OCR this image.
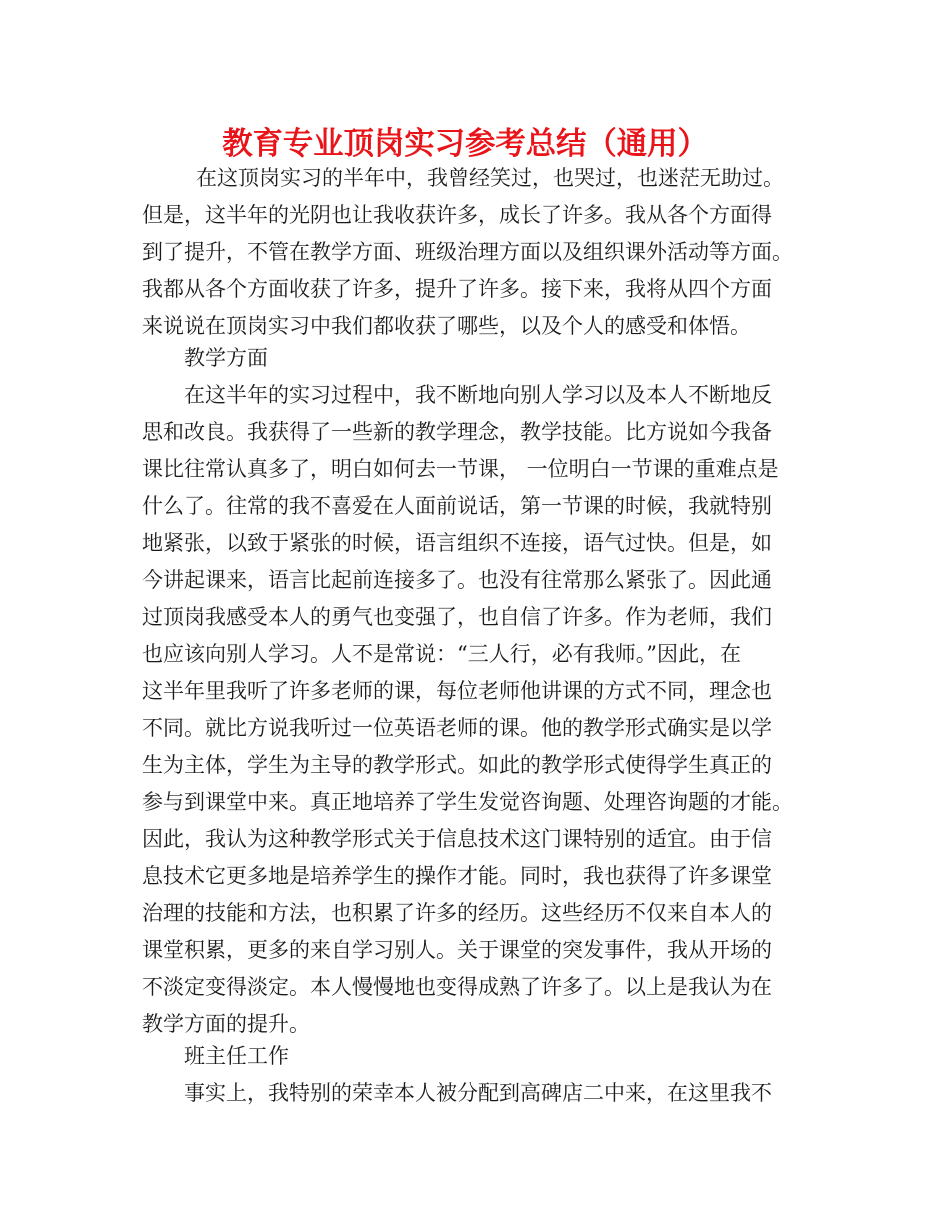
教育专业顶岗实习参考总结（通用）
在这顶岗实习的半年中，我曾经笑过，也哭过，也迷茫无助过。
但是，这半年的光阴也让我收获许多，成长了许多。我从各个方面得
到了提升，不管在教学方面、班级治理方面以及组织课外活动等方面。
我都从各个方面收获了许多，提升了许多。接下来，我将从四个方面
来说说在顶岗实习中我们都收获了哪些，以及个人的感受和体悟。
教学方面
在这半年的实习过程中，我不断地向别人学习以及本人不断地反
思和改良。我获得了一些新的教学理念，教学技能。比方说如今我备
课比往常认真多了，明白如何去一节课， 一位明白一节课的重难点是
什么了。往常的我不喜爱在人面前说话，第一节课的时候，我就特别
地紧张，以致于紧张的时候，语言组织不连接，语气过快。但是，如
今讲起课来，语言比起前连接多了。也没有往常那么紧张了。因此通
过顶岗我感受本人的勇气也变强了，也自信了许多。作为老师，我们
也应该向别人学习。人不是常说：“三人行，必有我师。”因此，在
这半年里我听了许多老师的课，每位老师他讲课的方式不同，理念也
不同。就比方说我听过一位英语老师的课。他的教学形式确实是以学
生为主体，学生为主导的教学形式。如此的教学形式使得学生真正的
参与到课堂中来。真正地培养了学生发觉咨询题、处理咨询题的才能。
因此，我认为这种教学形式关于信息技术这门课特别的适宜。由于信
息技术它更多地是培养学生的操作才能。同时，我也获得了许多课堂
治理的技能和方法，也积累了许多的经历。这些经历不仅来自本人的
课堂积累，更多的来自学习别人。关于课堂的突发事件，我从开场的
不淡定变得淡定。本人慢慢地也变得成熟了许多了。以上是我认为在
教学方面的提升。
班主任工作
事实上，我特别的荣幸本人被分配到高碑店二中来，在这里我不
